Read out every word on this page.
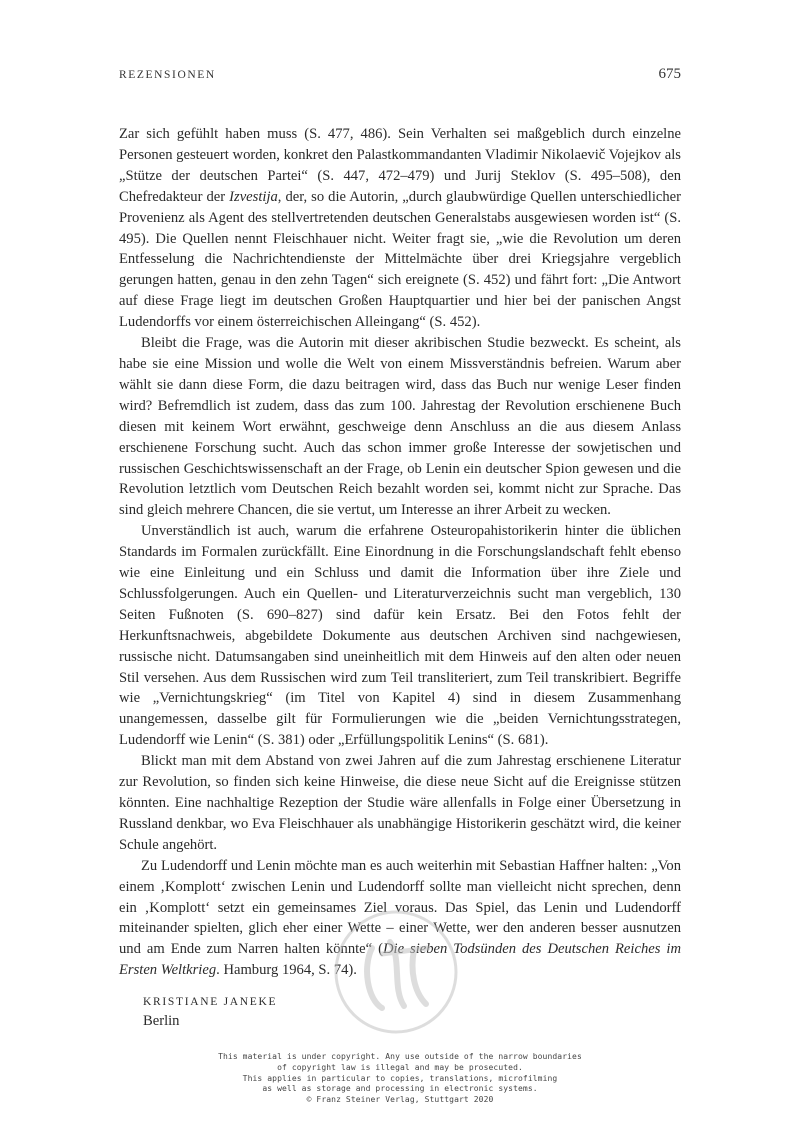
REZENSIONEN	675

Zar sich gefühlt haben muss (S. 477, 486). Sein Verhalten sei maßgeblich durch einzelne Personen gesteuert worden, konkret den Palastkommandanten Vladimir Nikolaevič Vojejkov als „Stütze der deutschen Partei“ (S. 447, 472–479) und Jurij Steklov (S. 495–508), den Chefredakteur der Izvestija, der, so die Autorin, „durch glaubwürdige Quellen unterschiedlicher Provenienz als Agent des stellvertretenden deutschen Generalstabs ausgewiesen worden ist“ (S. 495). Die Quellen nennt Fleischhauer nicht. Weiter fragt sie, „wie die Revolution um deren Entfesselung die Nachrichtendienste der Mittelmächte über drei Kriegsjahre vergeblich gerungen hatten, genau in den zehn Tagen“ sich ereignete (S. 452) und fährt fort: „Die Antwort auf diese Frage liegt im deutschen Großen Hauptquartier und hier bei der panischen Angst Ludendorffs vor einem österreichischen Alleingang“ (S. 452).

Bleibt die Frage, was die Autorin mit dieser akribischen Studie bezweckt. Es scheint, als habe sie eine Mission und wolle die Welt von einem Missverständnis befreien. Warum aber wählt sie dann diese Form, die dazu beitragen wird, dass das Buch nur wenige Leser finden wird? Befremdlich ist zudem, dass das zum 100. Jahrestag der Revolution erschienene Buch diesen mit keinem Wort erwähnt, geschweige denn Anschluss an die aus diesem Anlass erschienene Forschung sucht. Auch das schon immer große Interesse der sowjetischen und russischen Geschichtswissenschaft an der Frage, ob Lenin ein deutscher Spion gewesen und die Revolution letztlich vom Deutschen Reich bezahlt worden sei, kommt nicht zur Sprache. Das sind gleich mehrere Chancen, die sie vertut, um Interesse an ihrer Arbeit zu wecken.

Unverständlich ist auch, warum die erfahrene Osteuropahistorikerin hinter die üblichen Standards im Formalen zurückfällt. Eine Einordnung in die Forschungslandschaft fehlt ebenso wie eine Einleitung und ein Schluss und damit die Information über ihre Ziele und Schlussfolgerungen. Auch ein Quellen- und Literaturverzeichnis sucht man vergeblich, 130 Seiten Fußnoten (S. 690–827) sind dafür kein Ersatz. Bei den Fotos fehlt der Herkunftsnachweis, abgebildete Dokumente aus deutschen Archiven sind nachgewiesen, russische nicht. Datumsangaben sind uneinheitlich mit dem Hinweis auf den alten oder neuen Stil versehen. Aus dem Russischen wird zum Teil transliteriert, zum Teil transkribiert. Begriffe wie „Vernichtungskrieg“ (im Titel von Kapitel 4) sind in diesem Zusammenhang unangemessen, dasselbe gilt für Formulierungen wie die „beiden Vernichtungsstrategen, Ludendorff wie Lenin“ (S. 381) oder „Erfüllungspolitik Lenins“ (S. 681).

Blickt man mit dem Abstand von zwei Jahren auf die zum Jahrestag erschienene Literatur zur Revolution, so finden sich keine Hinweise, die diese neue Sicht auf die Ereignisse stützen könnten. Eine nachhaltige Rezeption der Studie wäre allenfalls in Folge einer Übersetzung in Russland denkbar, wo Eva Fleischhauer als unabhängige Historikerin geschätzt wird, die keiner Schule angehört.

Zu Ludendorff und Lenin möchte man es auch weiterhin mit Sebastian Haffner halten: „Von einem ‚Komplott‘ zwischen Lenin und Ludendorff sollte man vielleicht nicht sprechen, denn ein ‚Komplott‘ setzt ein gemeinsames Ziel voraus. Das Spiel, das Lenin und Ludendorff miteinander spielten, glich eher einer Wette – einer Wette, wer den anderen besser ausnutzen und am Ende zum Narren halten könnte“ (Die sieben Todsünden des Deutschen Reiches im Ersten Weltkrieg. Hamburg 1964, S. 74).

KRISTIANE JANEKE
Berlin
This material is under copyright. Any use outside of the narrow boundaries
of copyright law is illegal and may be prosecuted.
This applies in particular to copies, translations, microfilming
as well as storage and processing in electronic systems.
© Franz Steiner Verlag, Stuttgart 2020
